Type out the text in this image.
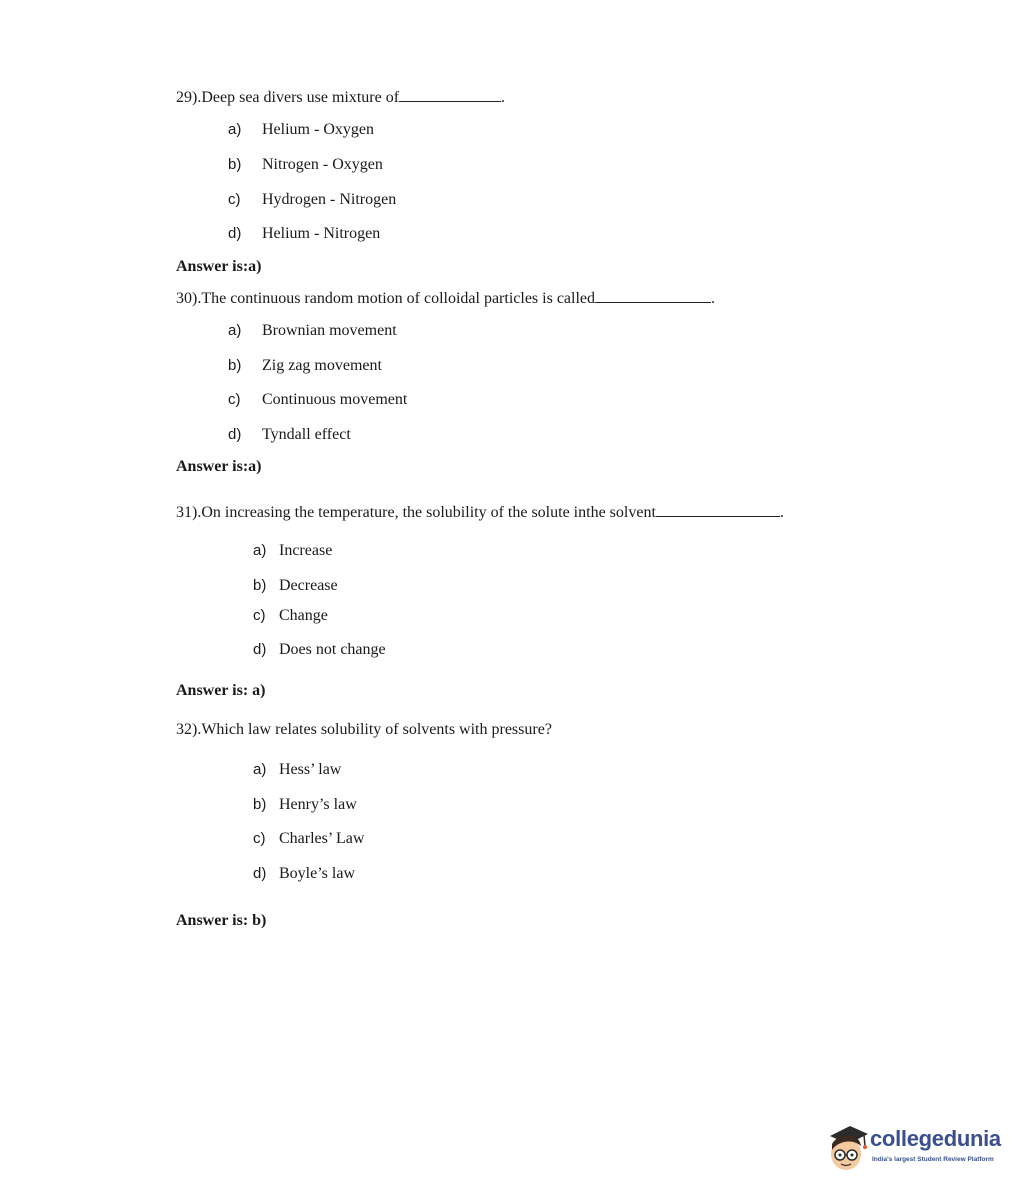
29).Deep sea divers use mixture of	.
a) Helium - Oxygen
b) Nitrogen - Oxygen
c) Hydrogen - Nitrogen
d) Helium - Nitrogen
Answer is:a)
30).The continuous random motion of colloidal particles is called	.
a) Brownian movement
b) Zig zag movement
c) Continuous movement
d) Tyndall effect
Answer is:a)
31).On increasing the temperature, the solubility of the solute inthe solvent	.
a) Increase
b) Decrease
c) Change
d) Does not change
Answer is: a)
32).Which law relates solubility of solvents with pressure?
a) Hess’ law
b) Henry’s law
c) Charles’ Law
d) Boyle’s law
Answer is: b)
collegedunia
India's largest Student Review Platform
